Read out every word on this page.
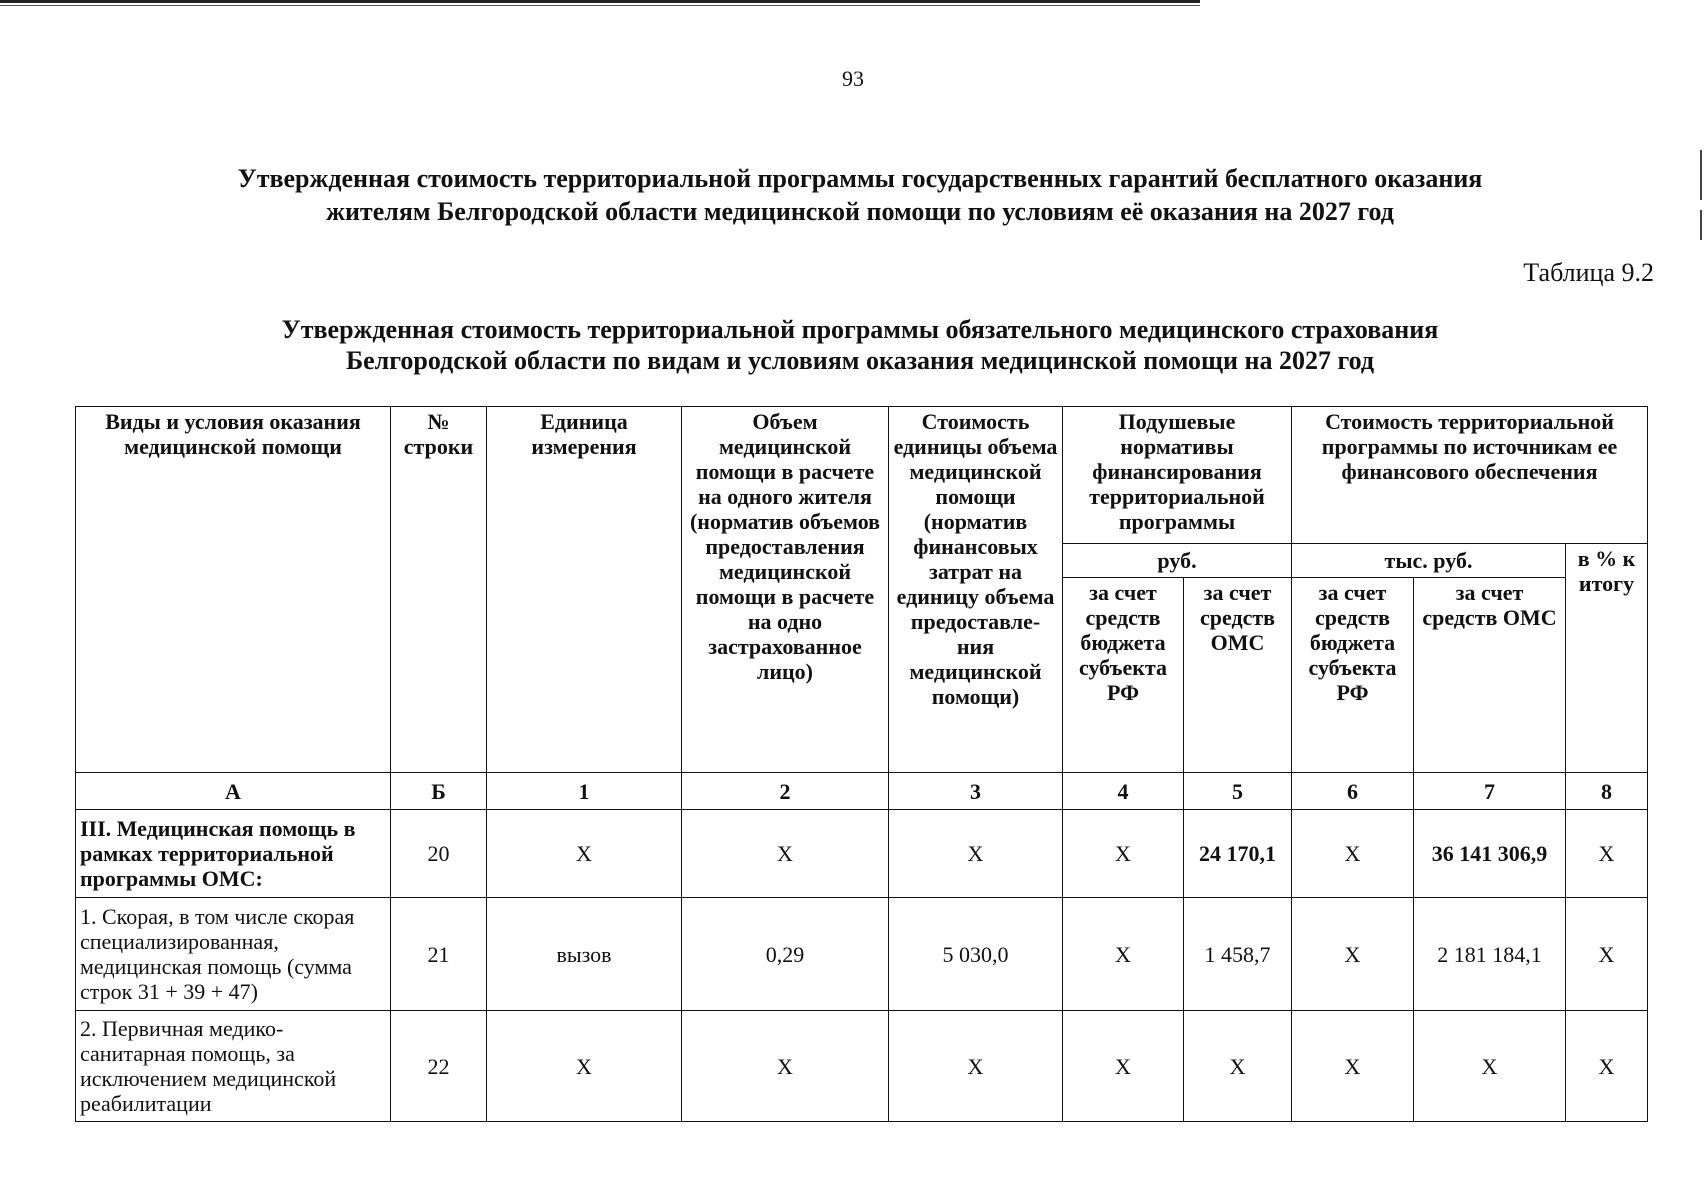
93
Утвержденная стоимость территориальной программы государственных гарантий бесплатного оказания
жителям Белгородской области медицинской помощи по условиям её оказания на 2027 год
Таблица 9.2
Утвержденная стоимость территориальной программы обязательного медицинского страхования
Белгородской области по видам и условиям оказания медицинской помощи на 2027 год
Виды и условия оказания медицинской помощи	№ строки	Единица измерения	Объем медицинской помощи в расчете на одного жителя (норматив объемов предоставления медицинской помощи в расчете на одно застрахованное лицо)	Стоимость единицы объема медицинской помощи (норматив финансовых затрат на единицу объема предоставле-ния медицинской помощи)	Подушевые нормативы финансирования территориальной программы		Стоимость территориальной программы по источникам ее финансового обеспечения		
					руб.		тыс. руб.		в % к итогу
					за счет средств бюджета субъекта РФ	за счет средств ОМС	за счет средств бюджета субъекта РФ	за счет средств ОМС	
А	Б	1	2	3	4	5	6	7	8
III. Медицинская помощь в рамках территориальной программы ОМС:	20	X	X	X	X	24 170,1	X	36 141 306,9	X
1. Скорая, в том числе скорая специализированная, медицинская помощь (сумма строк 31 + 39 + 47)	21	вызов	0,29	5 030,0	X	1 458,7	X	2 181 184,1	X
2. Первичная медико-санитарная помощь, за исключением медицинской реабилитации	22	X	X	X	X	X	X	X	X
